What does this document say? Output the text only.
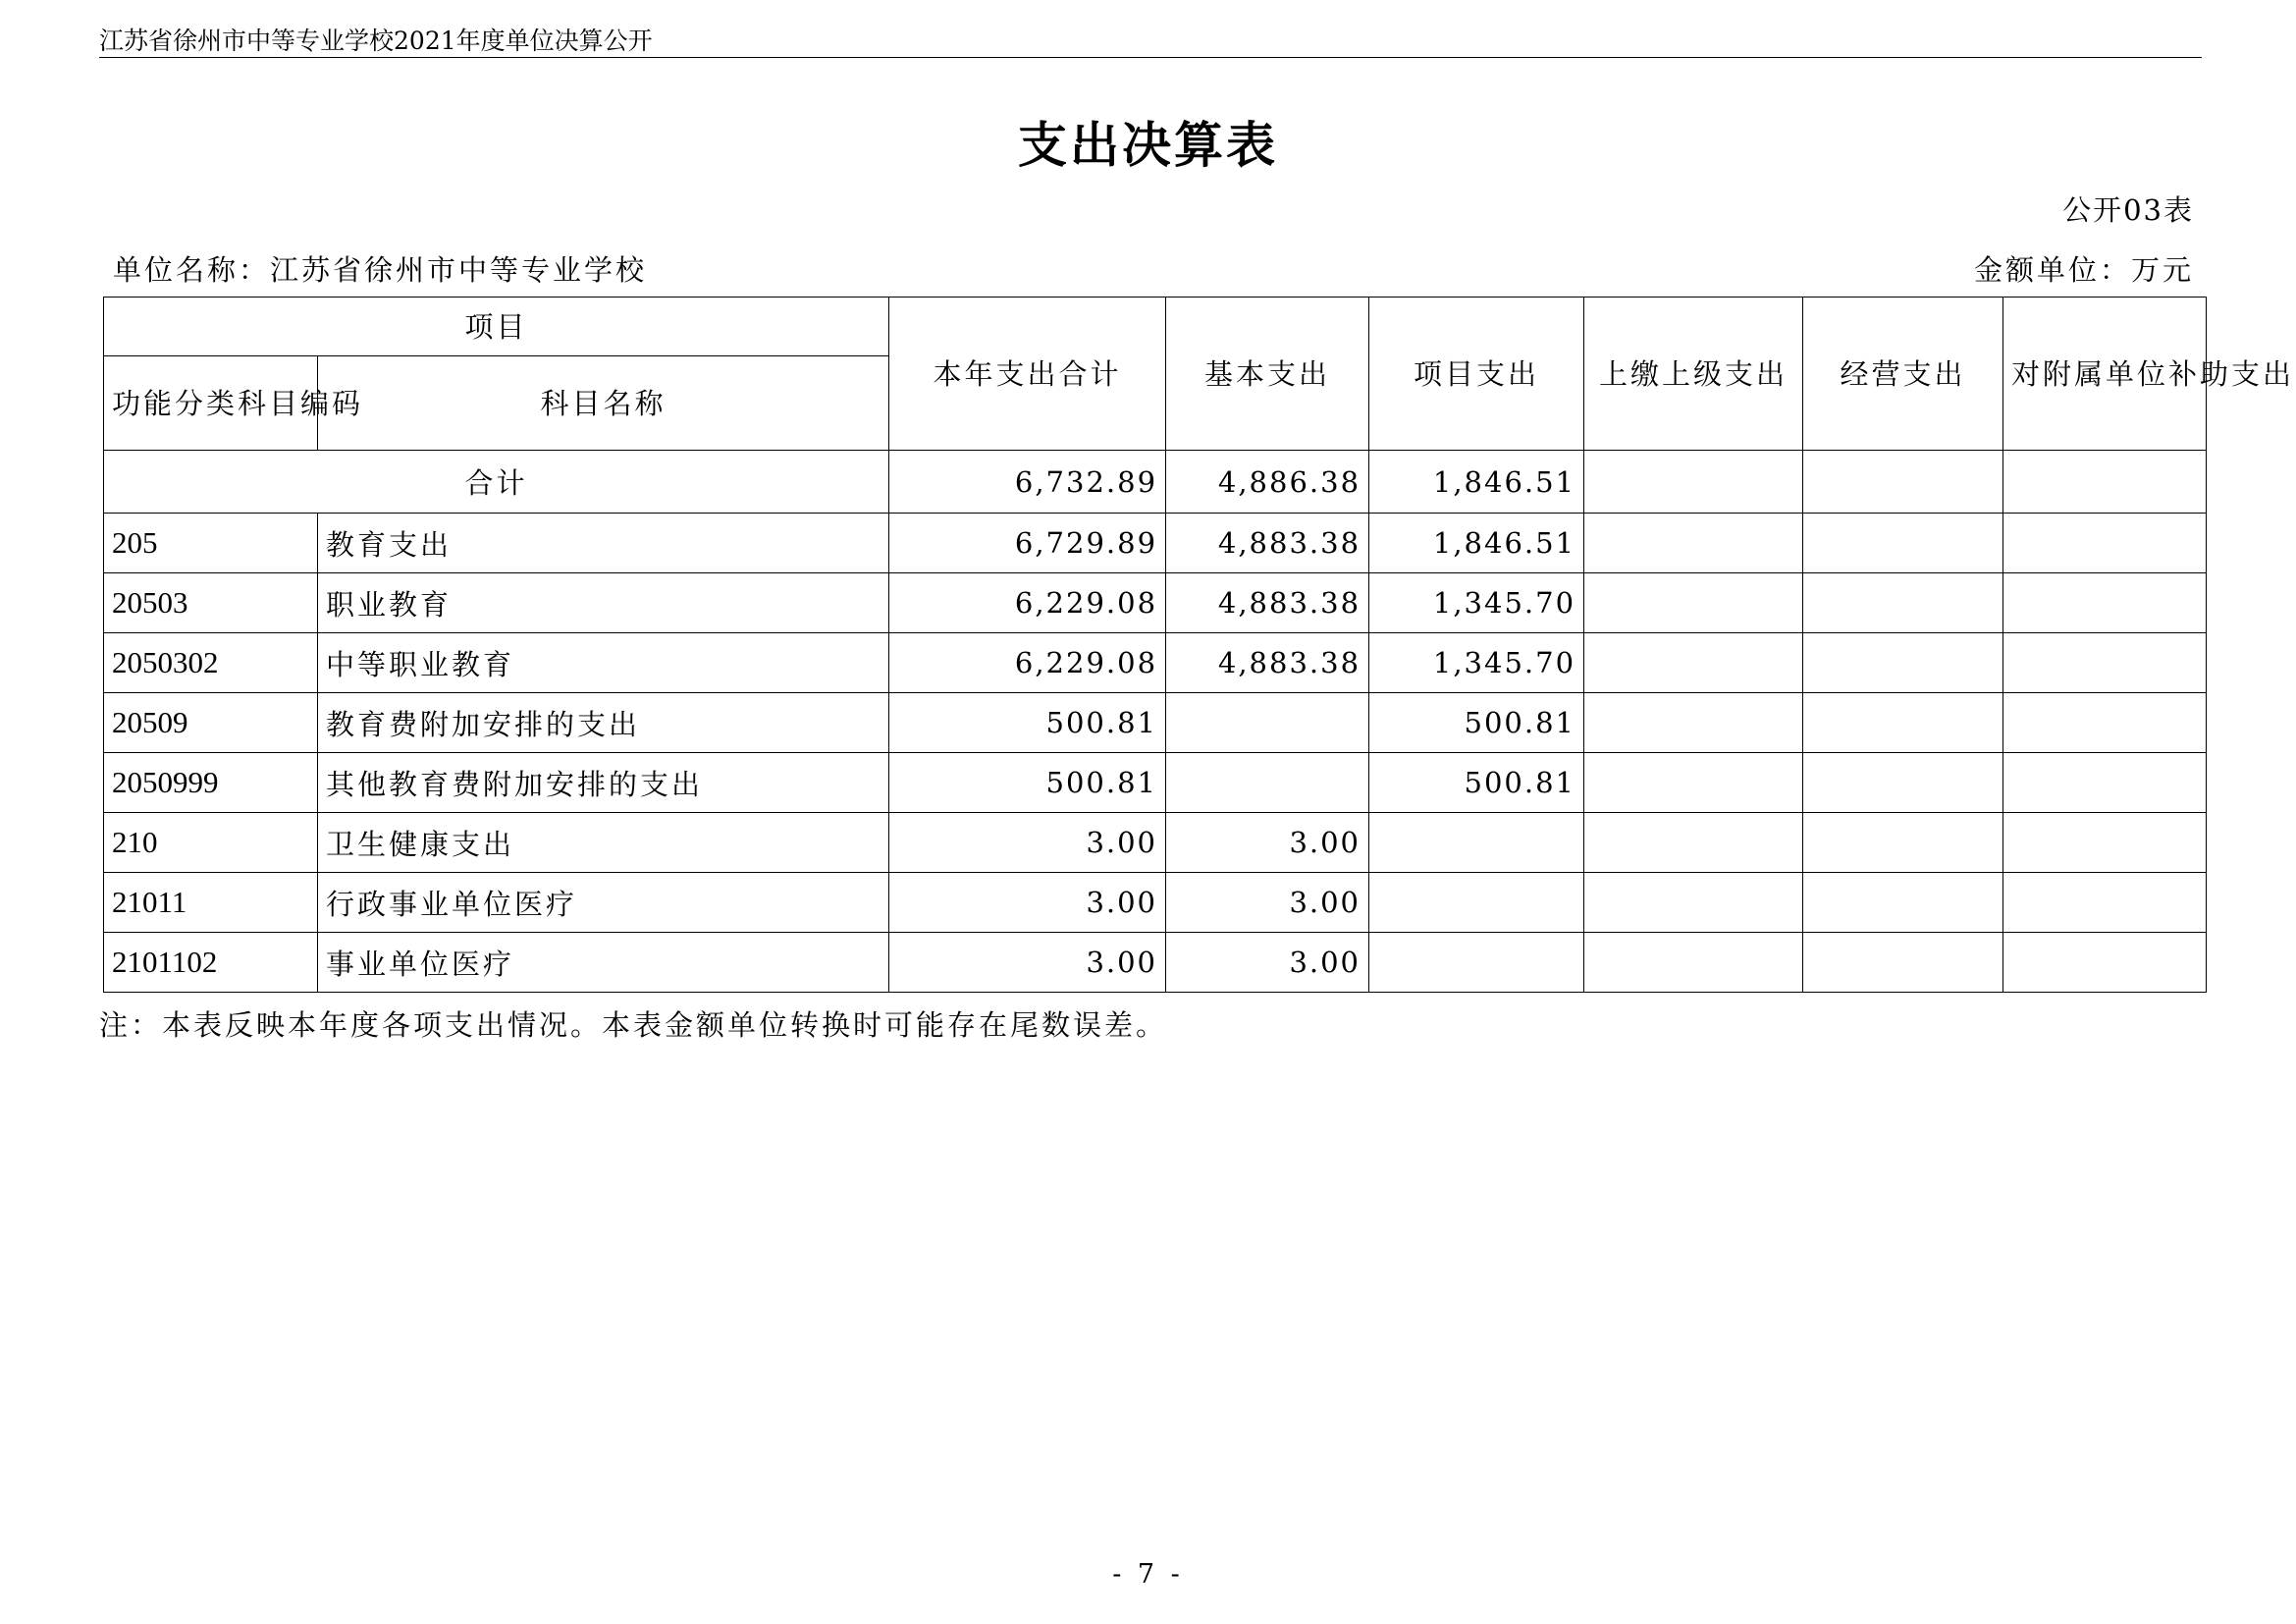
江苏省徐州市中等专业学校2021年度单位决算公开
支出决算表
公开03表
单位名称：江苏省徐州市中等专业学校	金额单位：万元
项目		本年支出合计	基本支出	项目支出	上缴上级支出	经营支出	对附属单位补助支出
功能分类科目编码	科目名称						
合计		6,732.89	4,886.38	1,846.51			
205	教育支出	6,729.89	4,883.38	1,846.51			
20503	职业教育	6,229.08	4,883.38	1,345.70			
2050302	中等职业教育	6,229.08	4,883.38	1,345.70			
20509	教育费附加安排的支出	500.81		500.81			
2050999	其他教育费附加安排的支出	500.81		500.81			
210	卫生健康支出	3.00	3.00				
21011	行政事业单位医疗	3.00	3.00				
2101102	事业单位医疗	3.00	3.00				
注：本表反映本年度各项支出情况。本表金额单位转换时可能存在尾数误差。
- 7 -
